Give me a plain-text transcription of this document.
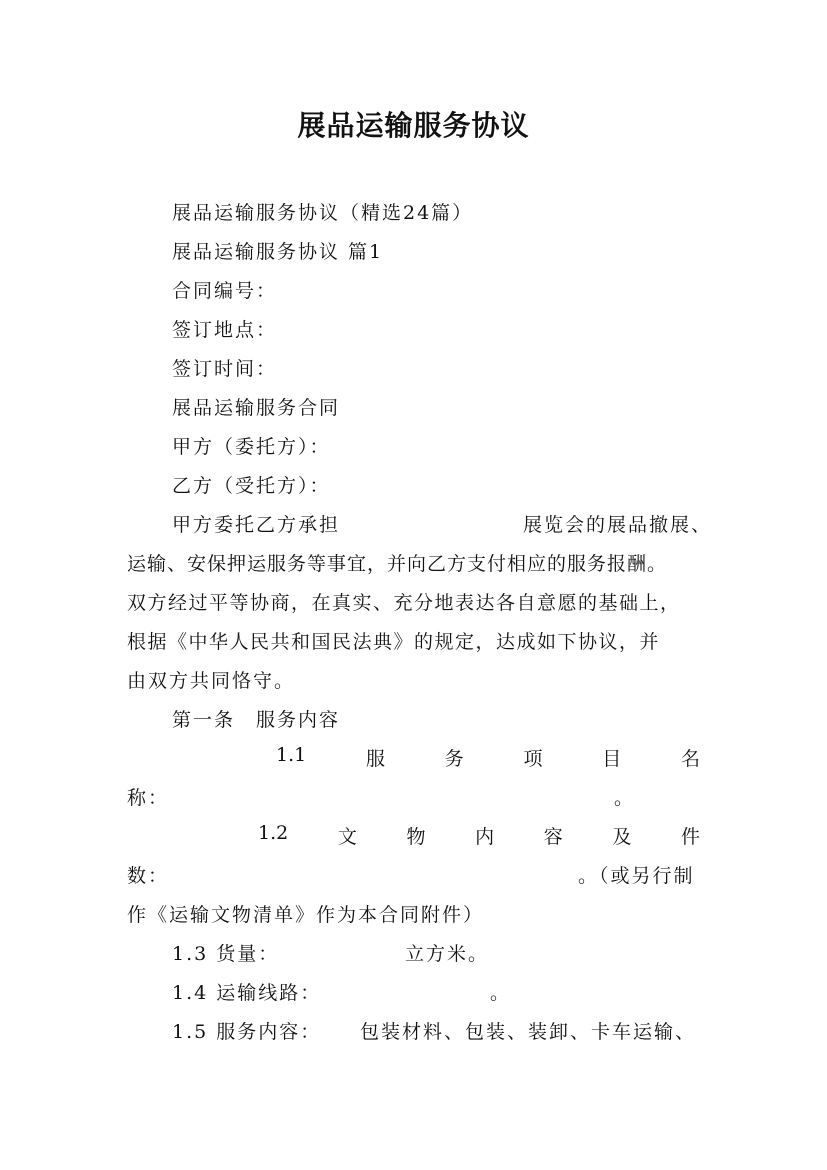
展品运输服务协议
展品运输服务协议（精选24篇）
展品运输服务协议 篇1
合同编号：
签订地点：
签订时间：
展品运输服务合同
甲方（委托方）：
乙方（受托方）：
甲方委托乙方承担	展览会的展品撤展、
运输、安保押运服务等事宜，并向乙方支付相应的服务报酬。
双方经过平等协商，在真实、充分地表达各自意愿的基础上，
根据《中华人民共和国民法典》的规定，达成如下协议，并
由双方共同恪守。
第一条　服务内容
1.1	服	务	项	目	名
称：	。
1.2	文	物	内	容	及	件
数：	。（或另行制
作《运输文物清单》作为本合同附件）
1.3 货量：	立方米。
1.4 运输线路：	。
1.5 服务内容： 包装材料、包装、装卸、卡车运输、
